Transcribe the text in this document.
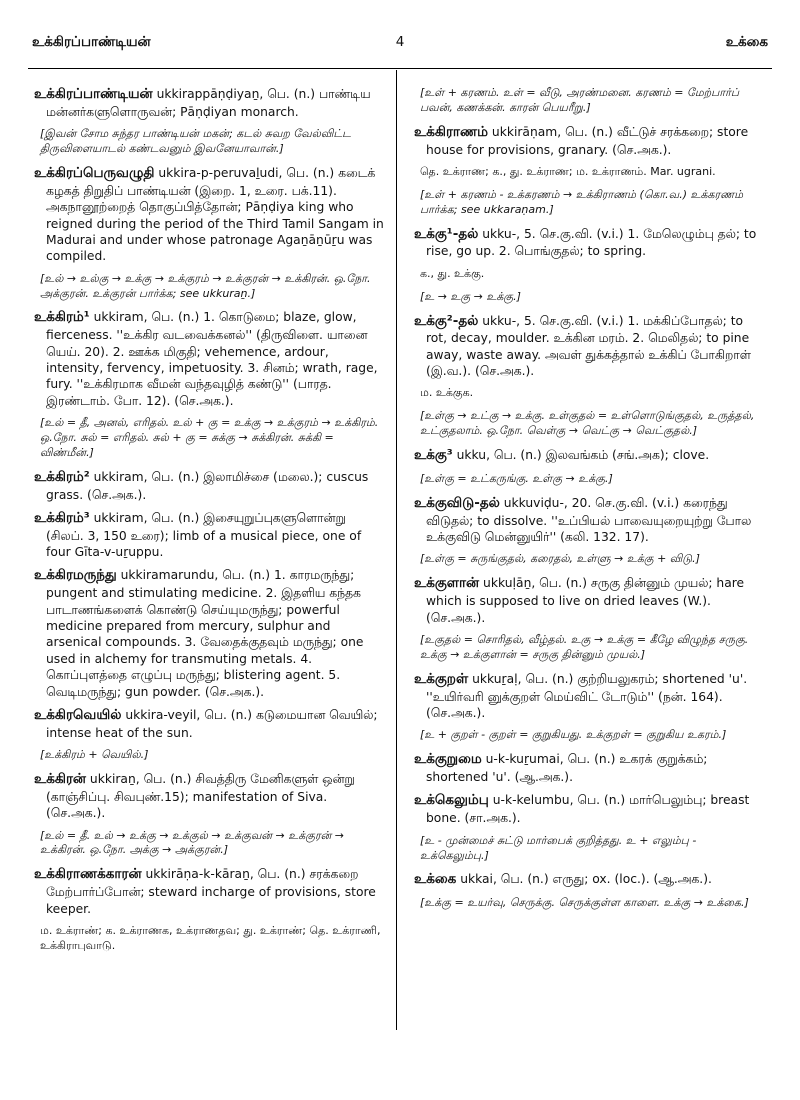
உக்கிரப்பாண்டியன்	4	உக்கை

உக்கிரப்பாண்டியன் ukkirappāṇḍiyaṉ, பெ. (n.) பாண்டிய மன்னர்களுளொருவன்; Pāṇḍiyan monarch.

[இவன் சோம சுந்தர பாண்டியன் மகன்; கடல் சுவற வேல்விட்ட திருவிளையாடல் கண்டவனும் இவனேயாவான்.]

உக்கிரப்பெருவழுதி ukkira-p-peruvaḻudi, பெ. (n.) கடைக் கழகத் திறுதிப் பாண்டியன் (இறை. 1, உரை. பக்.11). அகநானூற்றைத் தொகுப்பித்தோன்; Pāṇḍiya king who reigned during the period of the Third Tamil Sangam in Madurai and under whose patronage Agaṉāṉūṟu was compiled.

[உல் → உல்கு → உக்கு → உக்குரம் → உக்குரன் → உக்கிரன். ஒ.நோ. அக்குரன். உக்குரன் பார்க்க; see ukkuraṉ.]

உக்கிரம்¹ ukkiram, பெ. (n.) 1. கொடுமை; blaze, glow, fierceness. ''உக்கிர வடவைக்கனல்'' (திருவிளை. யானை யெய். 20). 2. ஊக்க மிகுதி; vehemence, ardour, intensity, fervency, impetuosity. 3. சினம்; wrath, rage, fury. ''உக்கிரமாக வீமன் வந்தவுழித் கண்டு'' (பாரத. இரண்டாம். போ. 12). (செ.அக.).

[உல் = தீ, அனல், எரிதல். உல் + கு = உக்கு → உக்குரம் → உக்கிரம். ஒ.நோ. சுல் = எரிதல். சுல் + கு = சுக்கு → சுக்கிரன். சுக்கி = விண்மீன்.]

உக்கிரம்² ukkiram, பெ. (n.) இலாமிச்சை (மலை.); cuscus grass. (செ.அக.).

உக்கிரம்³ ukkiram, பெ. (n.) இசையுறுப்புகளுளொன்று (சிலப். 3, 150 உரை); limb of a musical piece, one of four Gīta-v-uṟuppu.

உக்கிரமருந்து ukkiramarundu, பெ. (n.) 1. காரமருந்து; pungent and stimulating medicine. 2. இதளிய கந்தக பாடாணங்களைக் கொண்டு செய்யுமருந்து; powerful medicine prepared from mercury, sulphur and arsenical compounds. 3. வேதைக்குதவும் மருந்து; one used in alchemy for transmuting metals. 4. கொப்புளத்தை எழுப்பு மருந்து; blistering agent. 5. வெடிமருந்து; gun powder. (செ.அக.).

உக்கிரவெயில் ukkira-veyil, பெ. (n.) கடுமையான வெயில்; intense heat of the sun.

[உக்கிரம் + வெயில்.]

உக்கிரன் ukkiraṉ, பெ. (n.) சிவத்திரு மேனிகளுள் ஒன்று (காஞ்சிப்பு. சிவபுண்.15); manifestation of Siva. (செ.அக.).

[உல் = தீ. உல் → உக்கு → உக்குல் → உக்குவன் → உக்குரன் → உக்கிரன். ஒ.நோ. அக்கு → அக்குரன்.]

உக்கிராணக்காரன் ukkirāṇa-k-kāraṉ, பெ. (n.) சரக்கறை மேற்பார்ப்போன்; steward incharge of provisions, store keeper.

ம. உக்ராண்; க. உக்ராணக, உக்ராணதவ; து. உக்ராண்; தெ. உக்ராணி, உக்கிராபுவாடு.

[உள் + கரணம். உள் = வீடு, அரண்மனை. கரணம் = மேற்பார்ப் பவன், கணக்கன். காரன் பெயரீறு.]

உக்கிராணம் ukkirāṇam, பெ. (n.) வீட்டுச் சரக்கறை; store house for provisions, granary. (செ.அக.).

தெ. உக்ராண; க., து. உக்ராண; ம. உக்ராணம். Mar. ugrani.

[உள் + கரணம் - உக்கரணம் → உக்கிராணம் (கொ.வ.) உக்கரணம் பார்க்க; see ukkaraṇam.]

உக்கு¹-தல் ukku-, 5. செ.கு.வி. (v.i.) 1. மேலெழும்பு தல்; to rise, go up. 2. பொங்குதல்; to spring.

க., து. உக்கு.

[உ → உகு → உக்கு.]

உக்கு²-தல் ukku-, 5. செ.கு.வி. (v.i.) 1. மக்கிப்போதல்; to rot, decay, moulder. உக்கின மரம். 2. மெலிதல்; to pine away, waste away. அவள் துக்கத்தால் உக்கிப் போகிறாள் (இ.வ.). (செ.அக.).

ம. உக்குக.

[உள்கு → உட்கு → உக்கு. உள்குதல் = உள்ளொடுங்குதல், உருத்தல், உட்குதலாம். ஒ.நோ. வெள்கு → வெட்கு → வெட்குதல்.]

உக்கு³ ukku, பெ. (n.) இலவங்கம் (சங்.அக); clove.

[உள்கு = உட்கருங்கு. உள்கு → உக்கு.]

உக்குவிடு-தல் ukkuviḍu-, 20. செ.கு.வி. (v.i.) கரைந்து விடுதல்; to dissolve. ''உப்பியல் பாவையுறையுற்று போல உக்குவிடு மென்னுயிர்'' (கலி. 132. 17).

[உள்கு = சுருங்குதல், கரைதல், உள்ளு → உக்கு + விடு.]

உக்குளான் ukkuḷāṉ, பெ. (n.) சருகு தின்னும் முயல்; hare which is supposed to live on dried leaves (W.). (செ.அக.).

[உகுதல் = சொரிதல், வீழ்தல். உகு → உக்கு = கீழே விழுந்த சருகு. உக்கு → உக்குளான் = சருகு தின்னும் முயல்.]

உக்குறள் ukkuṟaḷ, பெ. (n.) குற்றியலுகரம்; shortened 'u'. ''உயிர்வரி னுக்குறள் மெய்விட் டோடும்'' (நன். 164). (செ.அக.).

[உ + குறள் - குறள் = குறுகியது. உக்குறள் = குறுகிய உகரம்.]

உக்குறுமை u-k-kuṟumai, பெ. (n.) உகரக் குறுக்கம்; shortened 'u'. (ஆ.அக.).

உக்கெலும்பு u-k-kelumbu, பெ. (n.) மார்பெலும்பு; breast bone. (சா.அக.).

[உ - முன்மைச் சுட்டு மார்பைக் குறித்தது. உ + எலும்பு - உக்கெலும்பு.]

உக்கை ukkai, பெ. (n.) எருது; ox. (loc.). (ஆ.அக.).

[உக்கு = உயர்வு, செருக்கு. செருக்குள்ள காளை. உக்கு → உக்கை.]
